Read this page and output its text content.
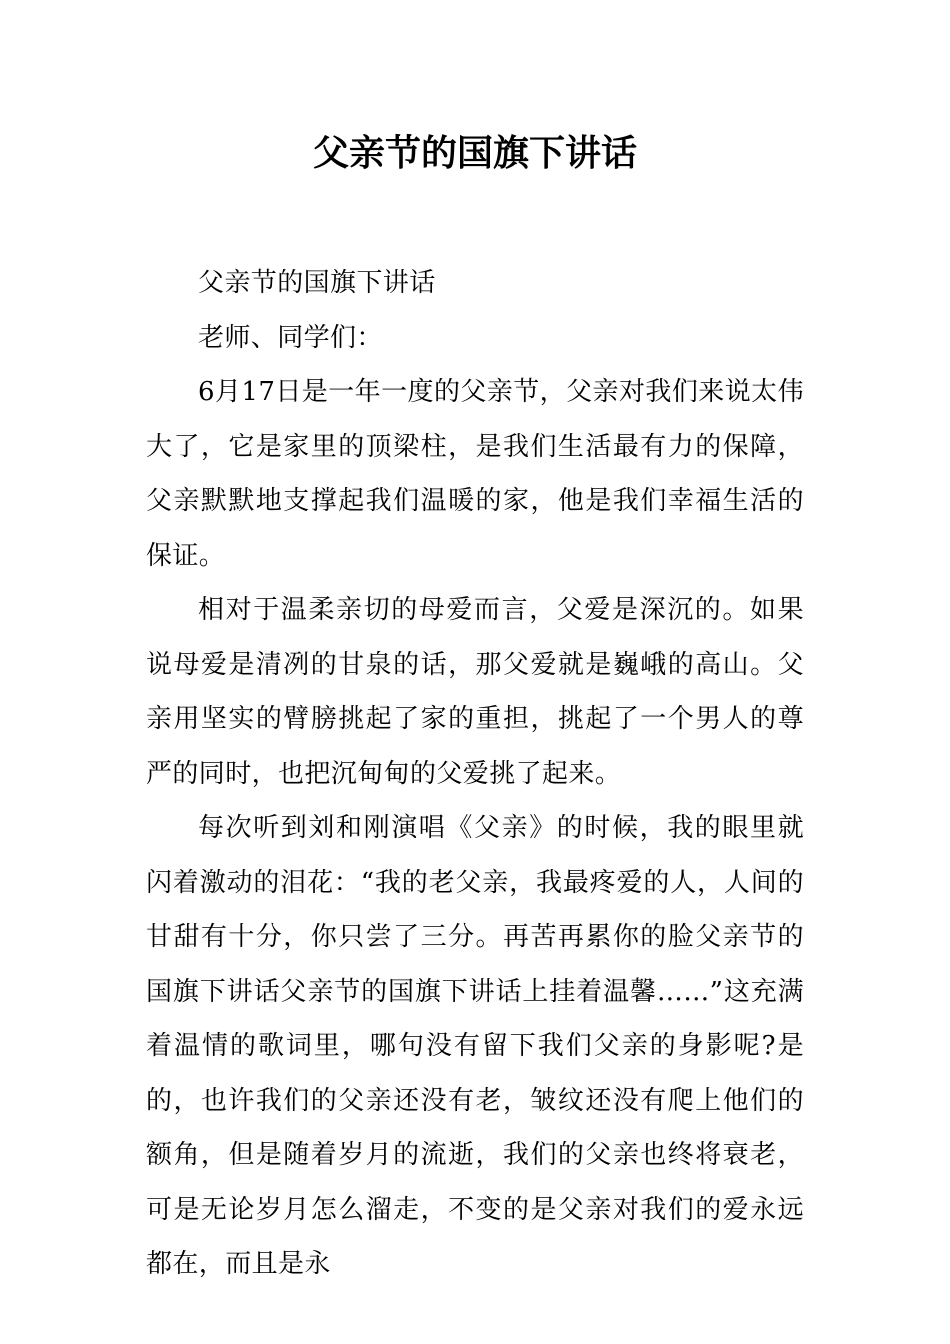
父亲节的国旗下讲话

父亲节的国旗下讲话

老师、同学们：

6月17日是一年一度的父亲节，父亲对我们来说太伟大了，它是家里的顶梁柱，是我们生活最有力的保障，父亲默默地支撑起我们温暖的家，他是我们幸福生活的保证。

相对于温柔亲切的母爱而言，父爱是深沉的。如果说母爱是清冽的甘泉的话，那父爱就是巍峨的高山。父亲用坚实的臂膀挑起了家的重担，挑起了一个男人的尊严的同时，也把沉甸甸的父爱挑了起来。

每次听到刘和刚演唱《父亲》的时候，我的眼里就闪着激动的泪花：“我的老父亲，我最疼爱的人，人间的甘甜有十分，你只尝了三分。再苦再累你的脸父亲节的国旗下讲话父亲节的国旗下讲话上挂着温馨……”这充满着温情的歌词里，哪句没有留下我们父亲的身影呢?是的，也许我们的父亲还没有老，皱纹还没有爬上他们的额角，但是随着岁月的流逝，我们的父亲也终将衰老，可是无论岁月怎么溜走，不变的是父亲对我们的爱永远都在，而且是永
